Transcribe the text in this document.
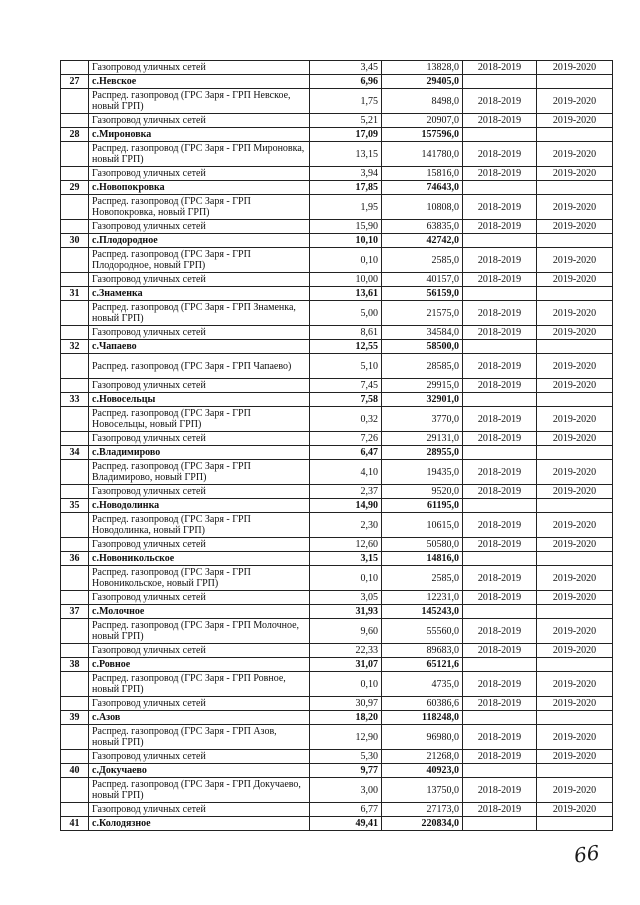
	Газопровод уличных сетей	3,45	13828,0	2018-2019	2019-2020
27	с.Невское	6,96	29405,0		
	Распред. газопровод (ГРС Заря - ГРП Невское, новый ГРП)	1,75	8498,0	2018-2019	2019-2020
	Газопровод уличных сетей	5,21	20907,0	2018-2019	2019-2020
28	с.Мироновка	17,09	157596,0		
	Распред. газопровод (ГРС Заря - ГРП Мироновка, новый ГРП)	13,15	141780,0	2018-2019	2019-2020
	Газопровод уличных сетей	3,94	15816,0	2018-2019	2019-2020
29	с.Новопокровка	17,85	74643,0		
	Распред. газопровод (ГРС Заря - ГРП Новопокровка, новый ГРП)	1,95	10808,0	2018-2019	2019-2020
	Газопровод уличных сетей	15,90	63835,0	2018-2019	2019-2020
30	с.Плодородное	10,10	42742,0		
	Распред. газопровод (ГРС Заря - ГРП Плодородное, новый ГРП)	0,10	2585,0	2018-2019	2019-2020
	Газопровод уличных сетей	10,00	40157,0	2018-2019	2019-2020
31	с.Знаменка	13,61	56159,0		
	Распред. газопровод (ГРС Заря - ГРП Знаменка, новый ГРП)	5,00	21575,0	2018-2019	2019-2020
	Газопровод уличных сетей	8,61	34584,0	2018-2019	2019-2020
32	с.Чапаево	12,55	58500,0		
	Распред. газопровод (ГРС Заря - ГРП Чапаево)	5,10	28585,0	2018-2019	2019-2020
	Газопровод уличных сетей	7,45	29915,0	2018-2019	2019-2020
33	с.Новосельцы	7,58	32901,0		
	Распред. газопровод (ГРС Заря - ГРП Новосельцы, новый ГРП)	0,32	3770,0	2018-2019	2019-2020
	Газопровод уличных сетей	7,26	29131,0	2018-2019	2019-2020
34	с.Владимирово	6,47	28955,0		
	Распред. газопровод (ГРС Заря - ГРП Владимирово, новый ГРП)	4,10	19435,0	2018-2019	2019-2020
	Газопровод уличных сетей	2,37	9520,0	2018-2019	2019-2020
35	с.Новодолинка	14,90	61195,0		
	Распред. газопровод (ГРС Заря - ГРП Новодолинка, новый ГРП)	2,30	10615,0	2018-2019	2019-2020
	Газопровод уличных сетей	12,60	50580,0	2018-2019	2019-2020
36	с.Новоникольское	3,15	14816,0		
	Распред. газопровод (ГРС Заря - ГРП Новоникольское, новый ГРП)	0,10	2585,0	2018-2019	2019-2020
	Газопровод уличных сетей	3,05	12231,0	2018-2019	2019-2020
37	с.Молочное	31,93	145243,0		
	Распред. газопровод (ГРС Заря - ГРП Молочное, новый ГРП)	9,60	55560,0	2018-2019	2019-2020
	Газопровод уличных сетей	22,33	89683,0	2018-2019	2019-2020
38	с.Ровное	31,07	65121,6		
	Распред. газопровод (ГРС Заря - ГРП Ровное, новый ГРП)	0,10	4735,0	2018-2019	2019-2020
	Газопровод уличных сетей	30,97	60386,6	2018-2019	2019-2020
39	с.Азов	18,20	118248,0		
	Распред. газопровод (ГРС Заря - ГРП Азов, новый ГРП)	12,90	96980,0	2018-2019	2019-2020
	Газопровод уличных сетей	5,30	21268,0	2018-2019	2019-2020
40	с.Докучаево	9,77	40923,0		
	Распред. газопровод (ГРС Заря - ГРП Докучаево, новый ГРП)	3,00	13750,0	2018-2019	2019-2020
	Газопровод уличных сетей	6,77	27173,0	2018-2019	2019-2020
41	с.Колодязное	49,41	220834,0		
66
